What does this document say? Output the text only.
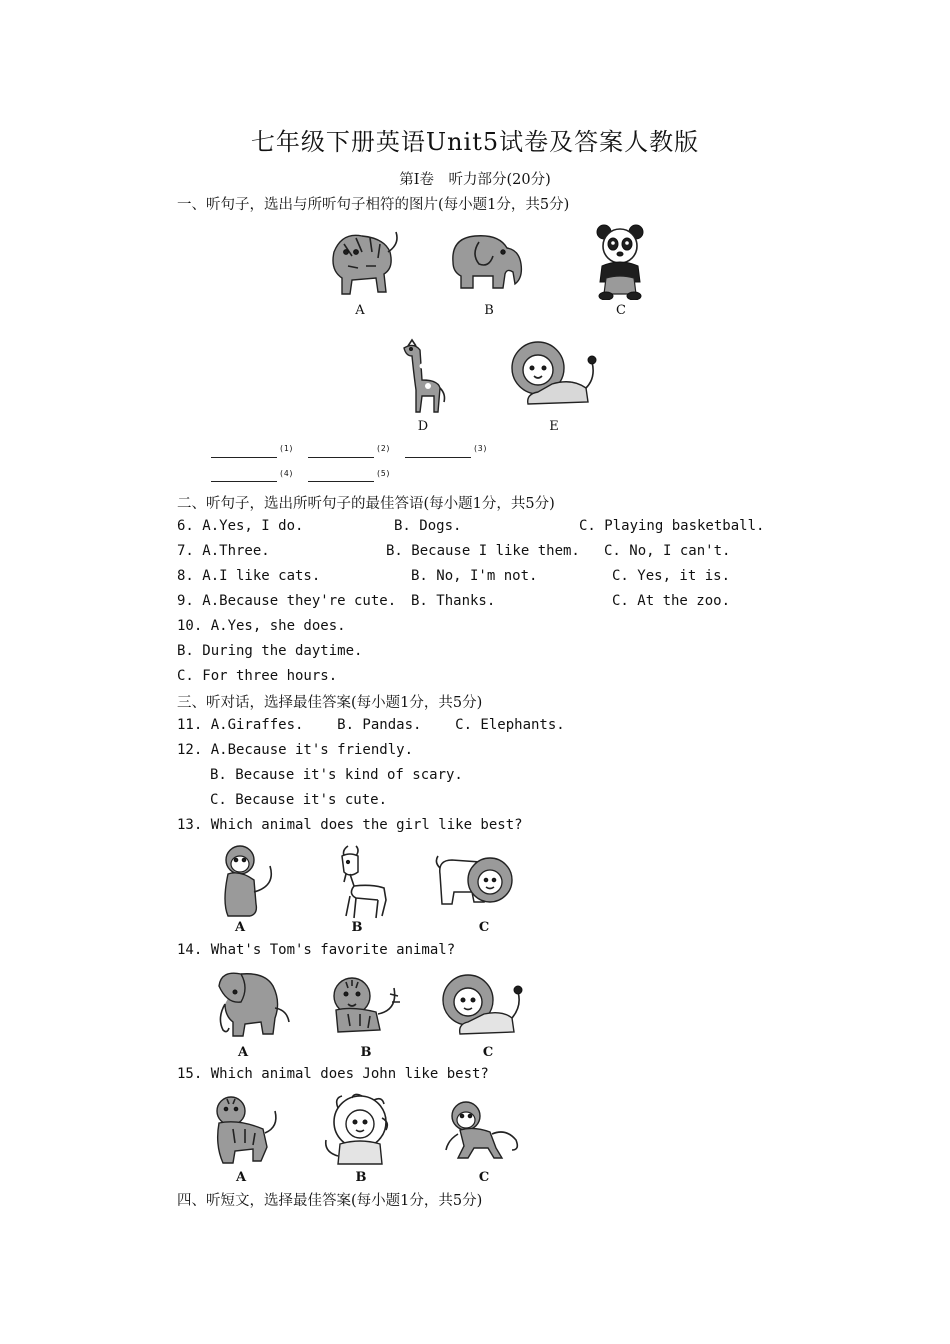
七年级下册英语Unit5试卷及答案人教版
第Ⅰ卷　听力部分(20分)
一、听句子，选出与所听句子相符的图片(每小题1分，共5分)
A	B	C
D	E
(1)	(2)	(3)
(4)	(5)
二、听句子，选出所听句子的最佳答语(每小题1分，共5分)
6. A.Yes, I do.	B. Dogs.	C. Playing basketball.
7. A.Three.	B. Because I like them. C. No, I can't.
8. A.I like cats.	B. No, I'm not.	C. Yes, it is.
9. A.Because they're cute. B. Thanks.	C. At the zoo.
10. A.Yes, she does.
B. During the daytime.
C. For three hours.
三、听对话，选择最佳答案(每小题1分，共5分)
11. A.Giraffes.    B. Pandas.    C. Elephants.
12. A.Because it's friendly.
B. Because it's kind of scary.
C. Because it's cute.
13. Which animal does the girl like best?
A	B	C
14. What's Tom's favorite animal?
A	B	C
15. Which animal does John like best?
A	B	C
四、听短文，选择最佳答案(每小题1分，共5分)
